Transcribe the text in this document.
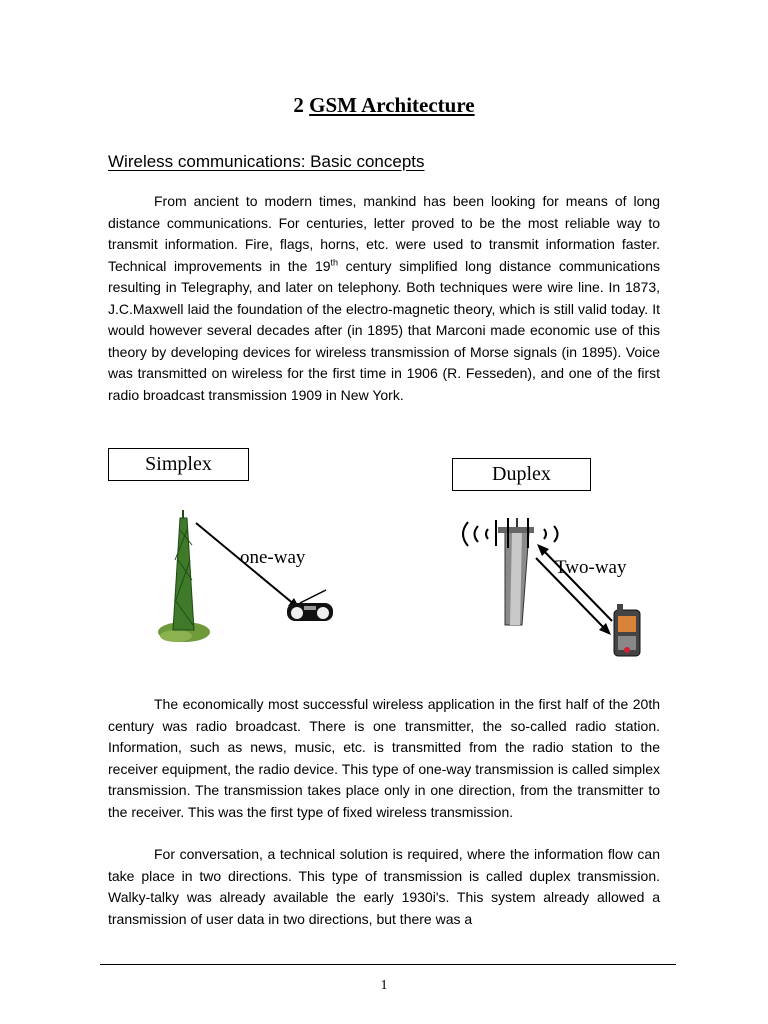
2 GSM Architecture
Wireless communications: Basic concepts

From ancient to modern times, mankind has been looking for means of long distance communications. For centuries, letter proved to be the most reliable way to transmit information. Fire, flags, horns, etc. were used to transmit information faster. Technical improvements in the 19th century simplified long distance communications resulting in Telegraphy, and later on telephony. Both techniques were wire line. In 1873, J.C.Maxwell laid the foundation of the electro-magnetic theory, which is still valid today. It would however several decades after (in 1895) that Marconi made economic use of this theory by developing devices for wireless transmission of Morse signals (in 1895). Voice was transmitted on wireless for the first time in 1906 (R. Fesseden), and one of the first radio broadcast transmission 1909 in New York.

Simplex	Duplex
one-way	Two-way

The economically most successful wireless application in the first half of the 20th century was radio broadcast. There is one transmitter, the so-called radio station. Information, such as news, music, etc. is transmitted from the radio station to the receiver equipment, the radio device. This type of one-way transmission is called simplex transmission. The transmission takes place only in one direction, from the transmitter to the receiver. This was the first type of fixed wireless transmission.

For conversation, a technical solution is required, where the information flow can take place in two directions. This type of transmission is called duplex transmission. Walky-talky was already available the early 1930i's. This system already allowed a transmission of user data in two directions, but there was a

1
